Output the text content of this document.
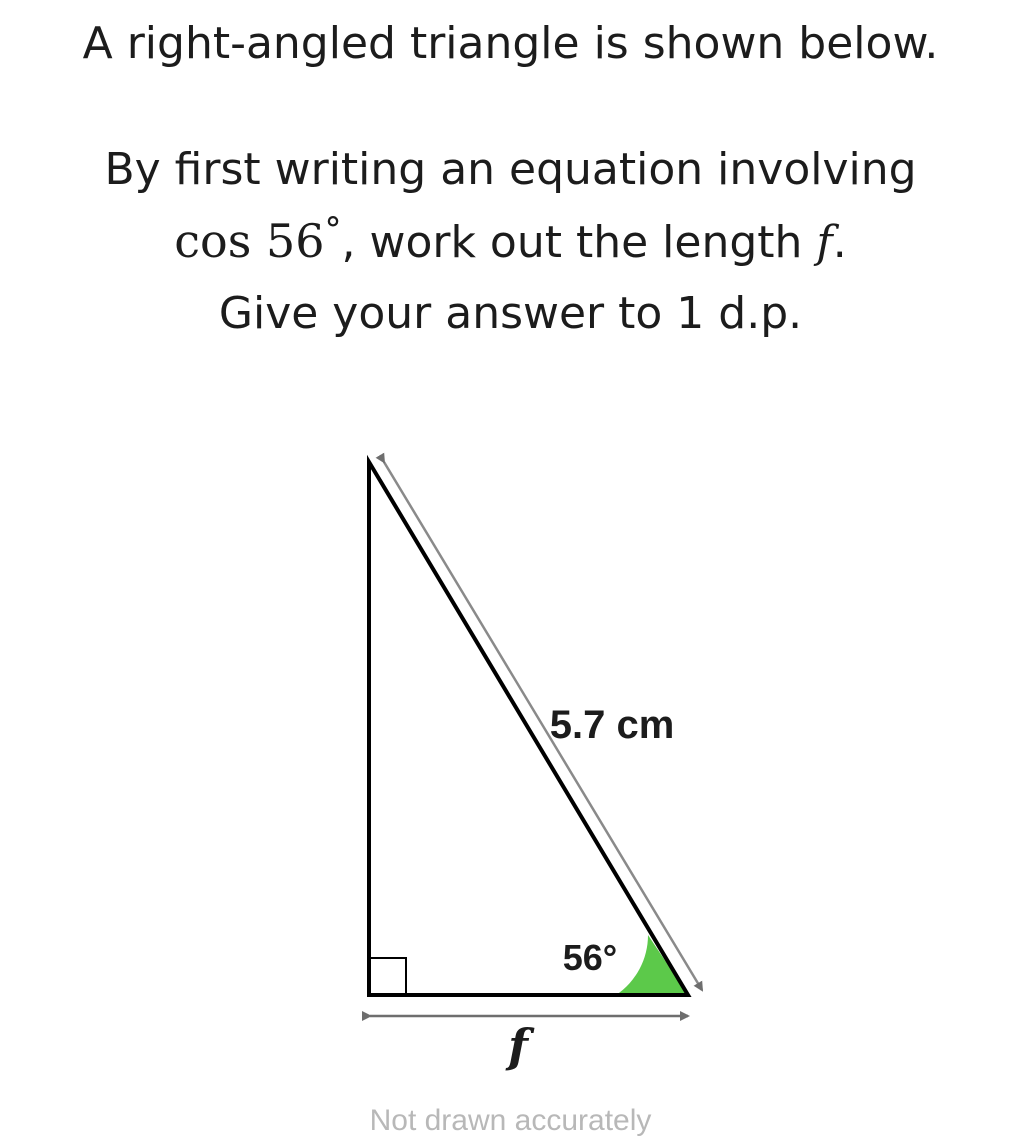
A right-angled triangle is shown below.
By first writing an equation involving
cos 56°, work out the length f.
Give your answer to 1 d.p.
5.7 cm
56°
f
Not drawn accurately
